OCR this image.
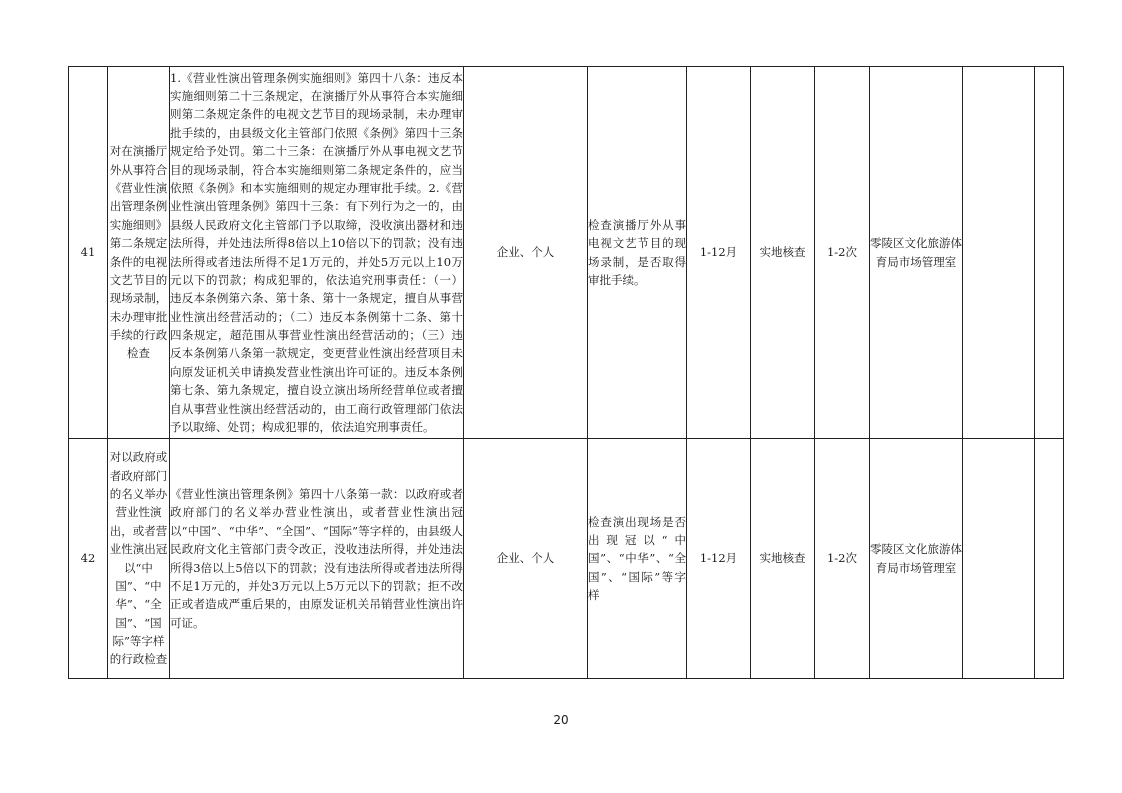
41	对在演播厅外从事符合《营业性演出管理条例实施细则》第二条规定条件的电视文艺节目的现场录制，未办理审批手续的行政检查	1.《营业性演出管理条例实施细则》第四十八条：违反本实施细则第二十三条规定，在演播厅外从事符合本实施细则第二条规定条件的电视文艺节目的现场录制，未办理审批手续的，由县级文化主管部门依照《条例》第四十三条规定给予处罚。第二十三条：在演播厅外从事电视文艺节目的现场录制，符合本实施细则第二条规定条件的，应当依照《条例》和本实施细则的规定办理审批手续。2.《营业性演出管理条例》第四十三条：有下列行为之一的，由县级人民政府文化主管部门予以取缔，没收演出器材和违法所得，并处违法所得8倍以上10倍以下的罚款；没有违法所得或者违法所得不足1万元的，并处5万元以上10万元以下的罚款；构成犯罪的，依法追究刑事责任：（一）违反本条例第六条、第十条、第十一条规定，擅自从事营业性演出经营活动的；（二）违反本条例第十二条、第十四条规定，超范围从事营业性演出经营活动的；（三）违反本条例第八条第一款规定，变更营业性演出经营项目未向原发证机关申请换发营业性演出许可证的。违反本条例第七条、第九条规定，擅自设立演出场所经营单位或者擅自从事营业性演出经营活动的，由工商行政管理部门依法予以取缔、处罚；构成犯罪的，依法追究刑事责任。	企业、个人	检查演播厅外从事电视文艺节目的现场录制，是否取得审批手续。	1-12月	实地核查	1-2次	零陵区文化旅游体育局市场管理室		
42	对以政府或者政府部门的名义举办营业性演出，或者营业性演出冠以“中国”、“中华”、“全国”、“国际”等字样的行政检查	《营业性演出管理条例》第四十八条第一款：以政府或者政府部门的名义举办营业性演出，或者营业性演出冠以“中国”、“中华”、“全国”、“国际”等字样的，由县级人民政府文化主管部门责令改正，没收违法所得，并处违法所得3倍以上5倍以下的罚款；没有违法所得或者违法所得不足1万元的，并处3万元以上5万元以下的罚款；拒不改正或者造成严重后果的，由原发证机关吊销营业性演出许可证。	企业、个人	检查演出现场是否出现冠以“中国”、“中华”、“全国”、“国际”等字样	1-12月	实地核查	1-2次	零陵区文化旅游体育局市场管理室		
20
